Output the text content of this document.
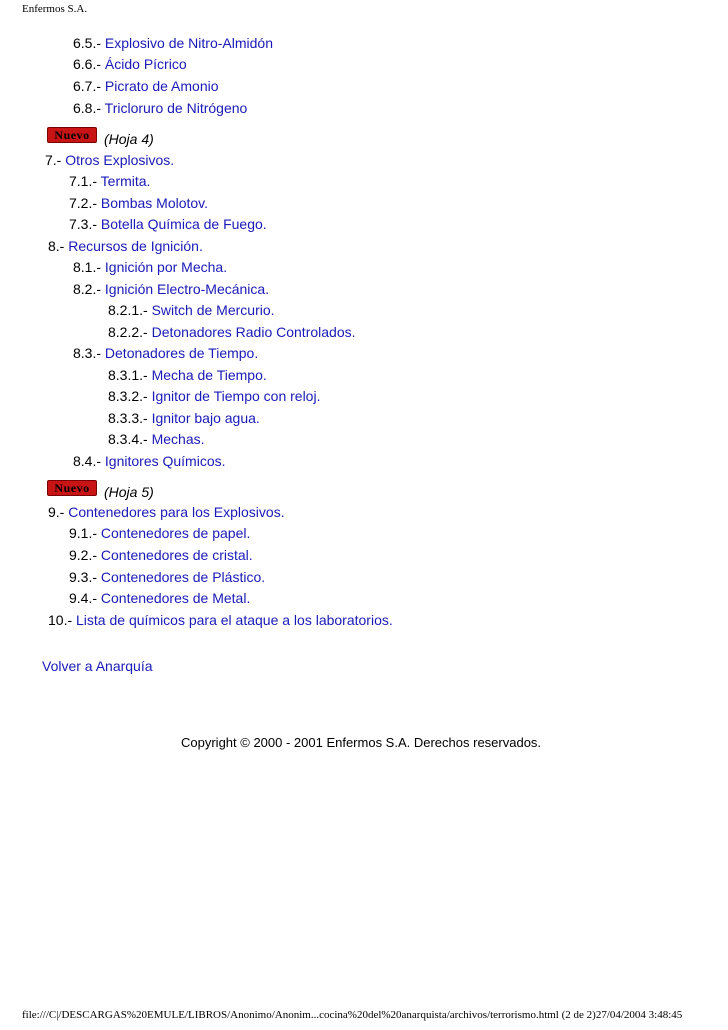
Enfermos S.A.
6.5.- Explosivo de Nitro-Almidón
6.6.- Ácido Pícrico
6.7.- Picrato de Amonio
6.8.- Tricloruro de Nitrógeno
Nuevo	(Hoja 4)
7.- Otros Explosivos.
7.1.- Termita.
7.2.- Bombas Molotov.
7.3.- Botella Química de Fuego.
8.- Recursos de Ignición.
8.1.- Ignición por Mecha.
8.2.- Ignición Electro-Mecánica.
8.2.1.- Switch de Mercurio.
8.2.2.- Detonadores Radio Controlados.
8.3.- Detonadores de Tiempo.
8.3.1.- Mecha de Tiempo.
8.3.2.- Ignitor de Tiempo con reloj.
8.3.3.- Ignitor bajo agua.
8.3.4.- Mechas.
8.4.- Ignitores Químicos.
Nuevo	(Hoja 5)
9.- Contenedores para los Explosivos.
9.1.- Contenedores de papel.
9.2.- Contenedores de cristal.
9.3.- Contenedores de Plástico.
9.4.- Contenedores de Metal.
10.- Lista de químicos para el ataque a los laboratorios.
Volver a Anarquía
Copyright © 2000 - 2001 Enfermos S.A. Derechos reservados.
file:///C|/DESCARGAS%20EMULE/LIBROS/Anonimo/Anonim...cocina%20del%20anarquista/archivos/terrorismo.html (2 de 2)27/04/2004 3:48:45
